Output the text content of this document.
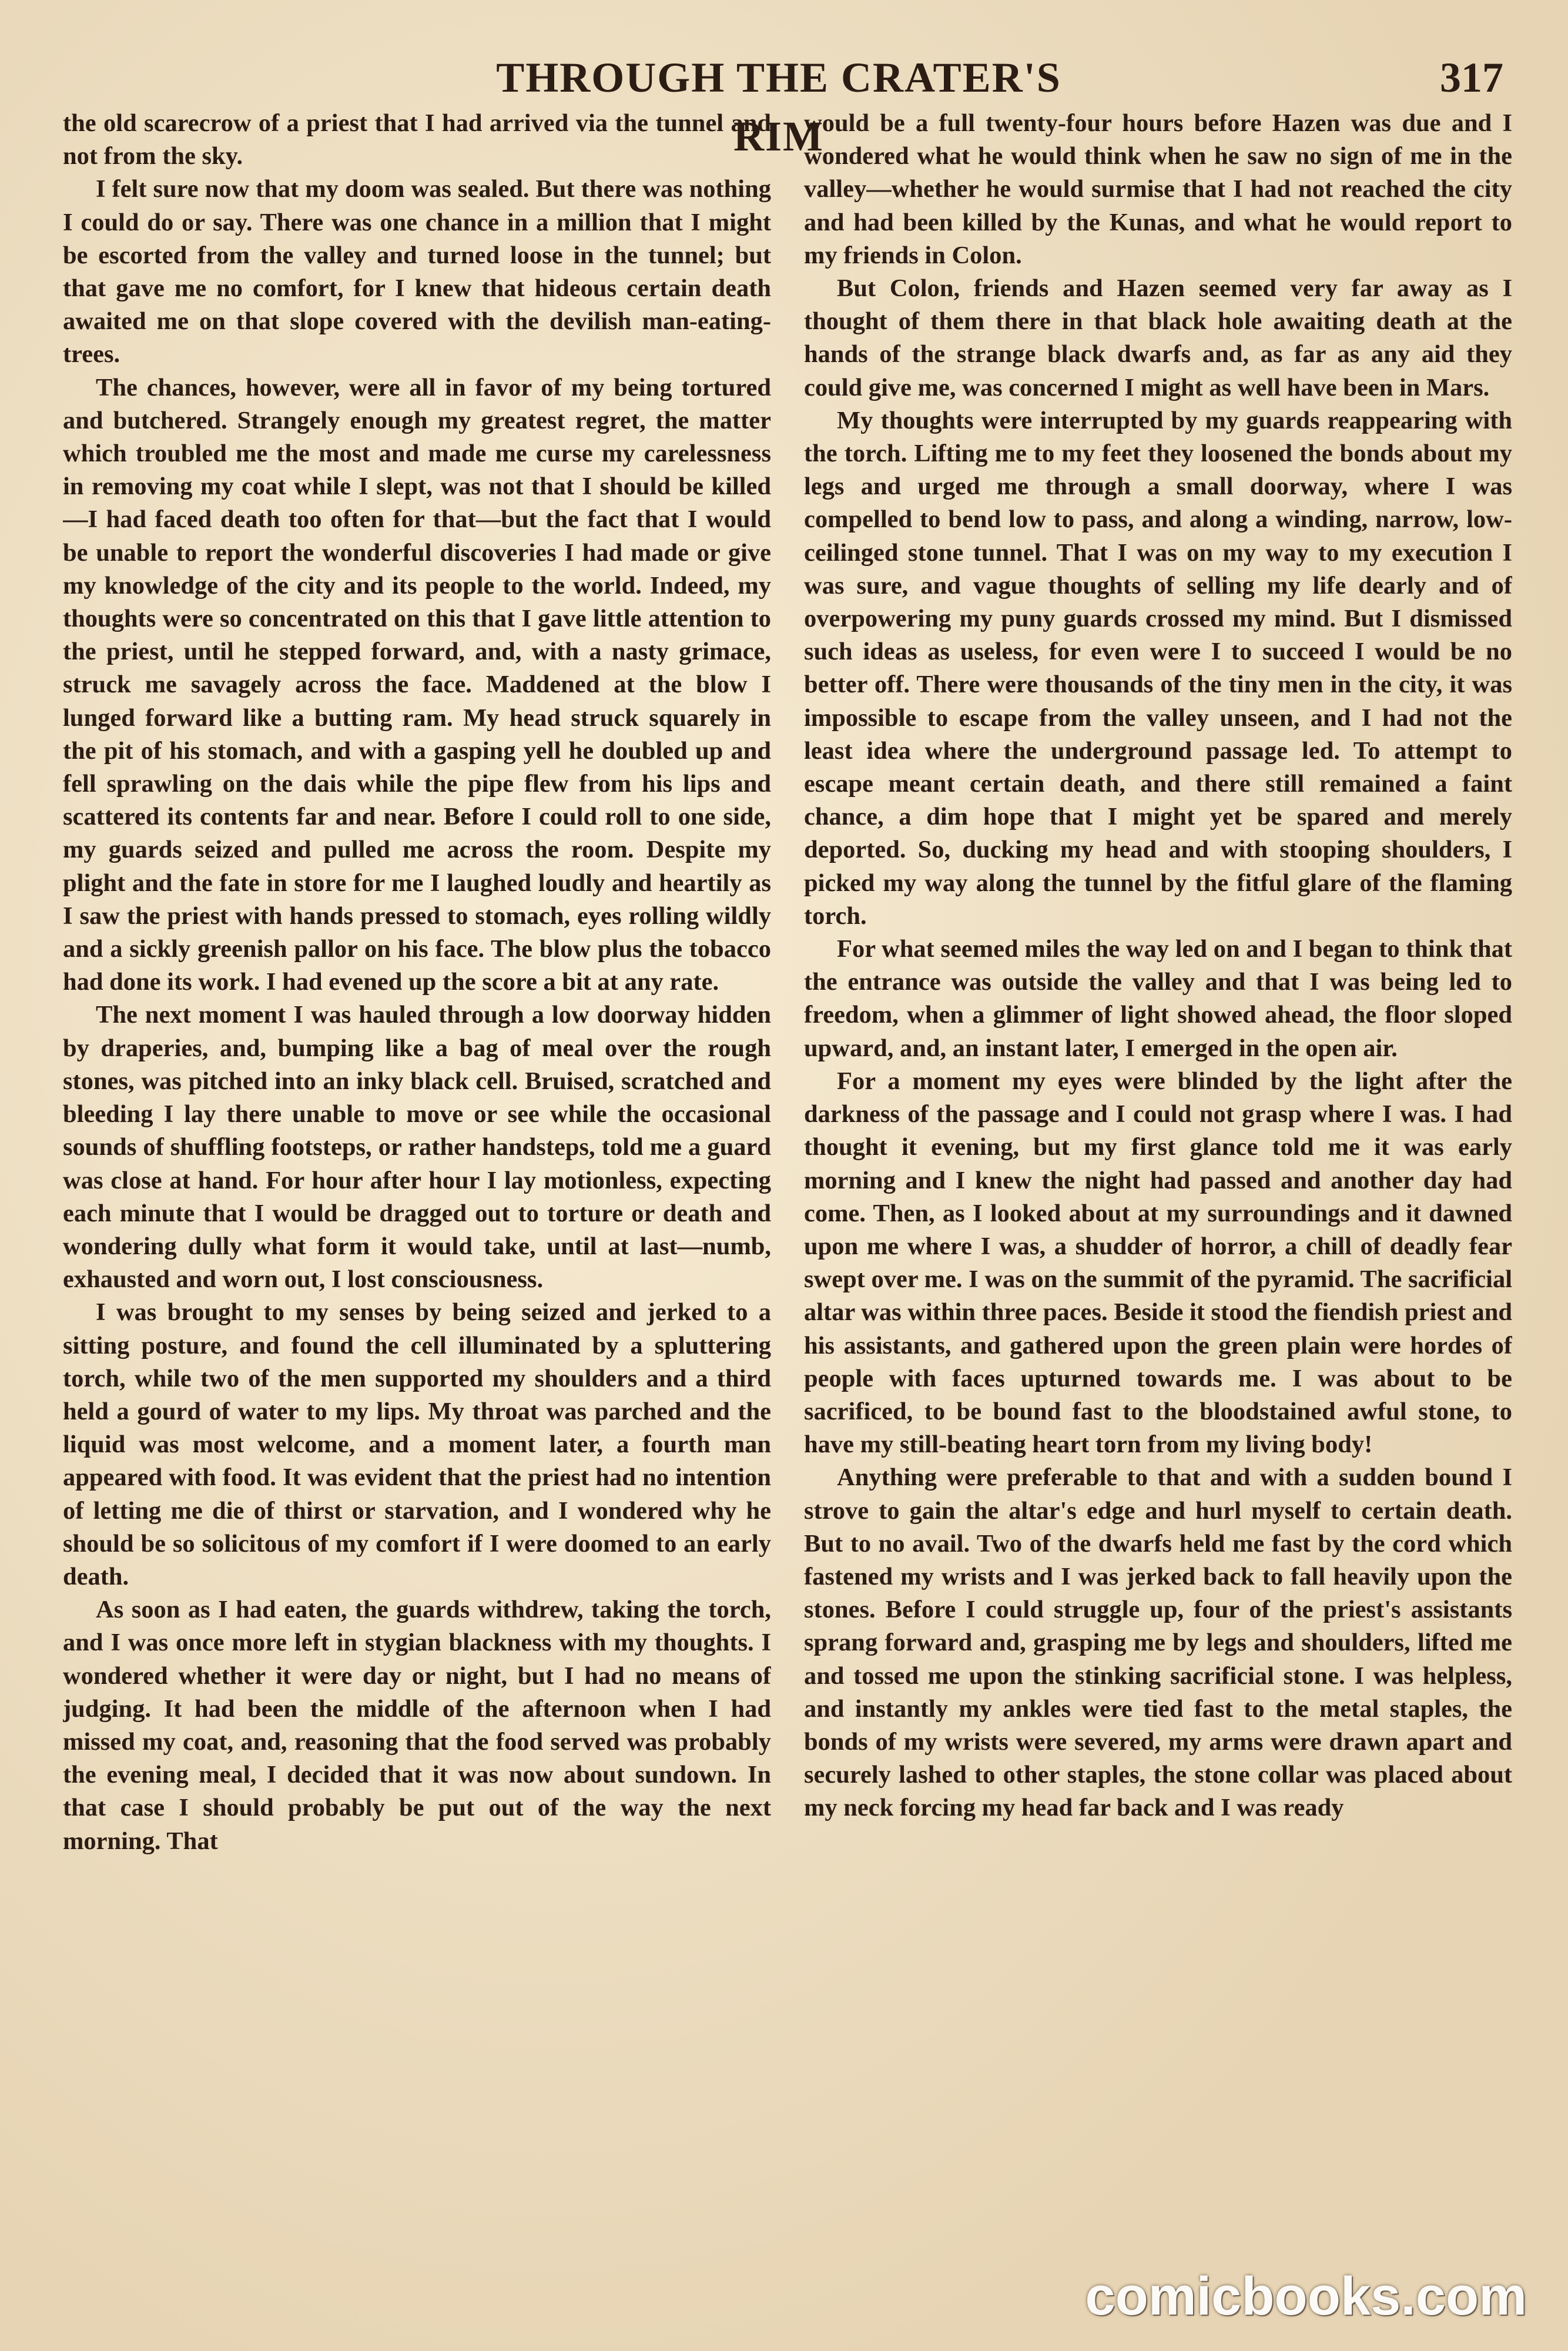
THROUGH THE CRATER'S RIM
317

the old scarecrow of a priest that I had arrived via the tunnel and not from the sky.

I felt sure now that my doom was sealed. But there was nothing I could do or say. There was one chance in a million that I might be escorted from the valley and turned loose in the tunnel; but that gave me no comfort, for I knew that hideous certain death awaited me on that slope covered with the devilish man-eating-trees.

The chances, however, were all in favor of my being tortured and butchered. Strangely enough my greatest regret, the matter which troubled me the most and made me curse my carelessness in removing my coat while I slept, was not that I should be killed—I had faced death too often for that—but the fact that I would be unable to report the wonderful discoveries I had made or give my knowledge of the city and its people to the world. Indeed, my thoughts were so concentrated on this that I gave little attention to the priest, until he stepped forward, and, with a nasty grimace, struck me savagely across the face. Maddened at the blow I lunged forward like a butting ram. My head struck squarely in the pit of his stomach, and with a gasping yell he doubled up and fell sprawling on the dais while the pipe flew from his lips and scattered its contents far and near. Before I could roll to one side, my guards seized and pulled me across the room. Despite my plight and the fate in store for me I laughed loudly and heartily as I saw the priest with hands pressed to stomach, eyes rolling wildly and a sickly greenish pallor on his face. The blow plus the tobacco had done its work. I had evened up the score a bit at any rate.

The next moment I was hauled through a low doorway hidden by draperies, and, bumping like a bag of meal over the rough stones, was pitched into an inky black cell. Bruised, scratched and bleeding I lay there unable to move or see while the occasional sounds of shuffling footsteps, or rather handsteps, told me a guard was close at hand. For hour after hour I lay motionless, expecting each minute that I would be dragged out to torture or death and wondering dully what form it would take, until at last—numb, exhausted and worn out, I lost consciousness.

I was brought to my senses by being seized and jerked to a sitting posture, and found the cell illuminated by a spluttering torch, while two of the men supported my shoulders and a third held a gourd of water to my lips. My throat was parched and the liquid was most welcome, and a moment later, a fourth man appeared with food. It was evident that the priest had no intention of letting me die of thirst or starvation, and I wondered why he should be so solicitous of my comfort if I were doomed to an early death.

As soon as I had eaten, the guards withdrew, taking the torch, and I was once more left in stygian blackness with my thoughts. I wondered whether it were day or night, but I had no means of judging. It had been the middle of the afternoon when I had missed my coat, and, reasoning that the food served was probably the evening meal, I decided that it was now about sundown. In that case I should probably be put out of the way the next morning. That

would be a full twenty-four hours before Hazen was due and I wondered what he would think when he saw no sign of me in the valley—whether he would surmise that I had not reached the city and had been killed by the Kunas, and what he would report to my friends in Colon.

But Colon, friends and Hazen seemed very far away as I thought of them there in that black hole awaiting death at the hands of the strange black dwarfs and, as far as any aid they could give me, was concerned I might as well have been in Mars.

My thoughts were interrupted by my guards reappearing with the torch. Lifting me to my feet they loosened the bonds about my legs and urged me through a small doorway, where I was compelled to bend low to pass, and along a winding, narrow, low-ceilinged stone tunnel. That I was on my way to my execution I was sure, and vague thoughts of selling my life dearly and of overpowering my puny guards crossed my mind. But I dismissed such ideas as useless, for even were I to succeed I would be no better off. There were thousands of the tiny men in the city, it was impossible to escape from the valley unseen, and I had not the least idea where the underground passage led. To attempt to escape meant certain death, and there still remained a faint chance, a dim hope that I might yet be spared and merely deported. So, ducking my head and with stooping shoulders, I picked my way along the tunnel by the fitful glare of the flaming torch.

For what seemed miles the way led on and I began to think that the entrance was outside the valley and that I was being led to freedom, when a glimmer of light showed ahead, the floor sloped upward, and, an instant later, I emerged in the open air.

For a moment my eyes were blinded by the light after the darkness of the passage and I could not grasp where I was. I had thought it evening, but my first glance told me it was early morning and I knew the night had passed and another day had come. Then, as I looked about at my surroundings and it dawned upon me where I was, a shudder of horror, a chill of deadly fear swept over me. I was on the summit of the pyramid. The sacrificial altar was within three paces. Beside it stood the fiendish priest and his assistants, and gathered upon the green plain were hordes of people with faces upturned towards me. I was about to be sacrificed, to be bound fast to the bloodstained awful stone, to have my still-beating heart torn from my living body!

Anything were preferable to that and with a sudden bound I strove to gain the altar's edge and hurl myself to certain death. But to no avail. Two of the dwarfs held me fast by the cord which fastened my wrists and I was jerked back to fall heavily upon the stones. Before I could struggle up, four of the priest's assistants sprang forward and, grasping me by legs and shoulders, lifted me and tossed me upon the stinking sacrificial stone. I was helpless, and instantly my ankles were tied fast to the metal staples, the bonds of my wrists were severed, my arms were drawn apart and securely lashed to other staples, the stone collar was placed about my neck forcing my head far back and I was ready

comicbooks.com
